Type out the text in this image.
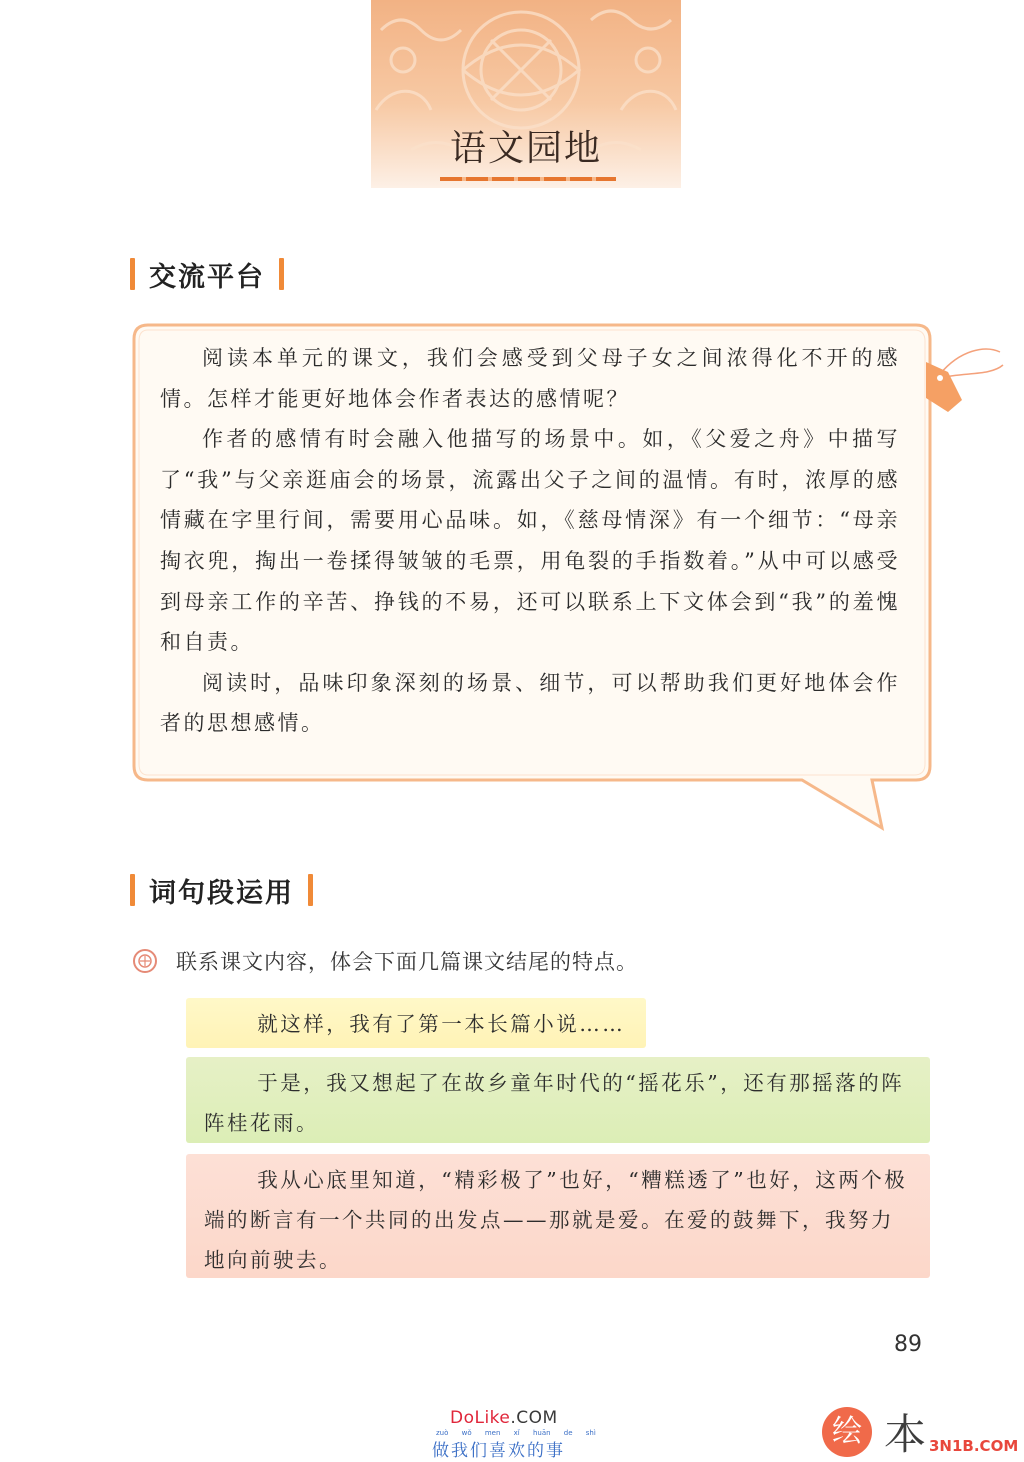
语文园地
交流平台

阅读本单元的课文，我们会感受到父母子女之间浓得化不开的感情。怎样才能更好地体会作者表达的感情呢？

作者的感情有时会融入他描写的场景中。如，《父爱之舟》中描写了“我”与父亲逛庙会的场景，流露出父子之间的温情。有时，浓厚的感情藏在字里行间，需要用心品味。如，《慈母情深》有一个细节：“母亲掏衣兜，掏出一卷揉得皱皱的毛票，用龟裂的手指数着。”从中可以感受到母亲工作的辛苦、挣钱的不易，还可以联系上下文体会到“我”的羞愧和自责。

阅读时，品味印象深刻的场景、细节，可以帮助我们更好地体会作者的思想感情。

词句段运用
联系课文内容，体会下面几篇课文结尾的特点。

就这样，我有了第一本长篇小说……

于是，我又想起了在故乡童年时代的“摇花乐”，还有那摇落的阵阵桂花雨。

我从心底里知道，“精彩极了”也好，“糟糕透了”也好，这两个极端的断言有一个共同的出发点——那就是爱。在爱的鼓舞下，我努力地向前驶去。

89
DoLike.COM
zuò wǒ men xǐ huān de shì
做我们喜欢的事
绘 本 3N1B.COM
